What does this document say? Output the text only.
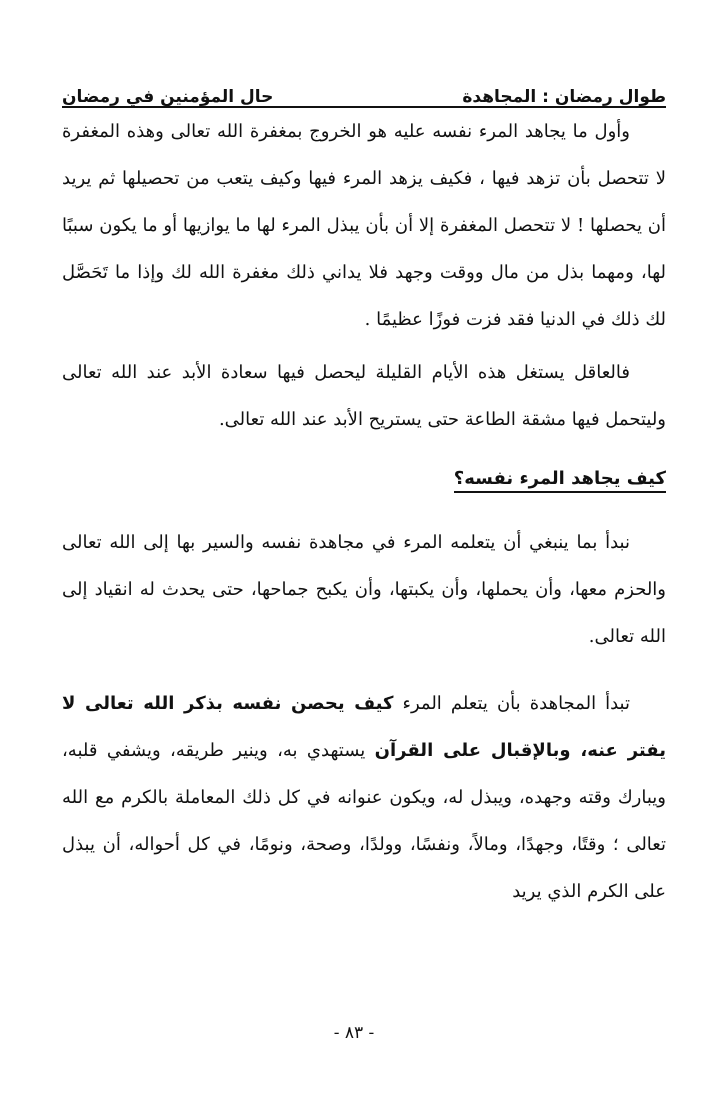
طوال رمضان : المجاهدة
حال المؤمنين في رمضان

وأول ما يجاهد المرء نفسه عليه هو الخروج بمغفرة الله تعالى وهذه المغفرة لا تتحصل بأن تزهد فيها ، فكيف يزهد المرء فيها وكيف يتعب من تحصيلها ثم يريد أن يحصلها ! لا تتحصل المغفرة إلا أن بأن يبذل المرء لها ما يوازيها أو ما يكون سببًا لها، ومهما بذل من مال ووقت وجهد فلا يداني ذلك مغفرة الله لك وإذا ما تَحَصَّل لك ذلك في الدنيا فقد فزت فوزًا عظيمًا .

فالعاقل يستغل هذه الأيام القليلة ليحصل فيها سعادة الأبد عند الله تعالى وليتحمل فيها مشقة الطاعة حتى يستريح الأبد عند الله تعالى.

كيف يجاهد المرء نفسه؟

نبدأ بما ينبغي أن يتعلمه المرء في مجاهدة نفسه والسير بها إلى الله تعالى والحزم معها، وأن يحملها، وأن يكبتها، وأن يكبح جماحها، حتى يحدث له انقياد إلى الله تعالى.

تبدأ المجاهدة بأن يتعلم المرء كيف يحصن نفسه بذكر الله تعالى لا يفتر عنه، وبالإقبال على القرآن يستهدي به، وينير طريقه، ويشفي قلبه، ويبارك وقته وجهده، ويبذل له، ويكون عنوانه في كل ذلك المعاملة بالكرم مع الله تعالى ؛ وقتًا، وجهدًا، ومالاً، ونفسًا، وولدًا، وصحة، ونومًا، في كل أحواله، أن يبذل على الكرم الذي يريد

- ٨٣ -
